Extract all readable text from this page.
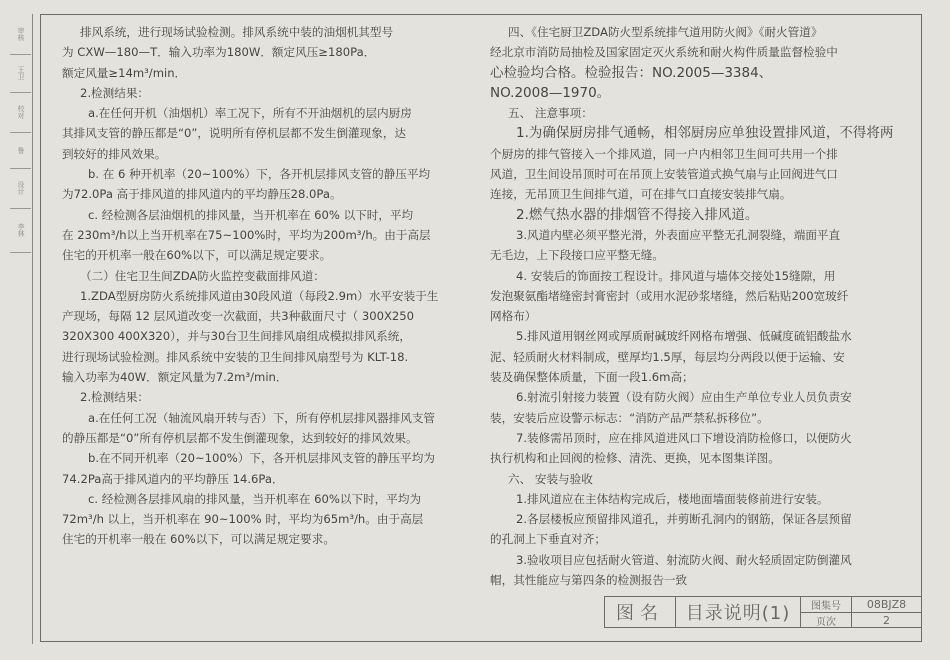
审核
王卫
校对
鲁
设计
李林

排风系统，进行现场试验检测。排风系统中装的油烟机其型号

为 CXW—180—T．输入功率为180W．额定风压≥180Pa．

额定风量≥14m³/min．

2.检测结果：

a.在任何开机（油烟机）率工况下，所有不开油烟机的层内厨房

其排风支管的静压都是“0”，说明所有停机层都不发生倒灌现象，达

到较好的排风效果。

b. 在 6 种开机率（20~100%）下，各开机层排风支管的静压平均

为72.0Pa 高于排风道的排风道内的平均静压28.0Pa。

c. 经检测各层油烟机的排风量，当开机率在 60% 以下时，平均

在 230m³/h以上当开机率在75~100%时，平均为200m³/h。由于高层

住宅的开机率一般在60%以下，可以满足规定要求。

（二）住宅卫生间ZDA防火监控变截面排风道：

1.ZDA型厨房防火系统排风道由30段风道（每段2.9m）水平安装于生

产现场，每隔 12 层风道改变一次截面，共3种截面尺寸（ 300X250

320X300 400X320），并与30台卫生间排风扇组成模拟排风系统，

进行现场试验检测。排风系统中安装的卫生间排风扇型号为 KLT-18.

输入功率为40W．额定风量为7.2m³/min．

2.检测结果：

a.在任何工况（轴流风扇开转与否）下，所有停机层排风器排风支管

的静压都是“0”所有停机层都不发生倒灌现象，达到较好的排风效果。

b.在不同开机率（20~100%）下，各开机层排风支管的静压平均为

74.2Pa高于排风道内的平均静压 14.6Pa．

c. 经检测各层排风扇的排风量，当开机率在 60%以下时，平均为

72m³/h 以上，当开机率在 90~100% 时，平均为65m³/h。由于高层

住宅的开机率一般在 60%以下，可以满足规定要求。

四、《住宅厨卫ZDA防火型系统排气道用防火阀》《耐火管道》

经北京市消防局抽检及国家固定灭火系统和耐火构件质量监督检验中

心检验均合格。检验报告：NO.2005—3384、

NO.2008—1970。

五、 注意事项：

1.为确保厨房排气通畅，相邻厨房应单独设置排风道，不得将两

个厨房的排气管接入一个排风道，同一户内相邻卫生间可共用一个排

风道，卫生间设吊顶时可在吊顶上安装管道式换气扇与止回阀进气口

连接，无吊顶卫生间排气道，可在排气口直接安装排气扇。

2.燃气热水器的排烟管不得接入排风道。

3.风道内壁必须平整光滑，外表面应平整无孔洞裂缝，端面平直

无毛边，上下段接口应平整无缝。

4. 安装后的饰面按工程设计。排风道与墙体交接处15缝隙，用

发泡聚氨酯堵缝密封膏密封（或用水泥砂浆堵缝，然后粘贴200宽玻纤

网格布）

5.排风道用钢丝网或厚质耐碱玻纤网格布增强、低碱度硫铝酸盐水

泥、轻质耐火材料制成，壁厚均1.5厚，每层均分两段以便于运输、安

装及确保整体质量，下面一段1.6m高；

6.射流引射接力装置（设有防火阀）应由生产单位专业人员负责安

装，安装后应设警示标志：“消防产品严禁私拆移位”。

7.装修需吊顶时，应在排风道进风口下增设消防检修口，以便防火

执行机构和止回阀的检修、清洗、更换，见本图集详图。

六、 安装与验收

1.排风道应在主体结构完成后，楼地面墙面装修前进行安装。

2.各层楼板应预留排风道孔，并剪断孔洞内的钢筋，保证各层预留

的孔洞上下垂直对齐；

3.验收项目应包括耐火管道、射流防火阀、耐火轻质固定防倒灌风

帽，其性能应与第四条的检测报告一致

图名	目录说明(1)	图集号	08BJZ8
页次	2
